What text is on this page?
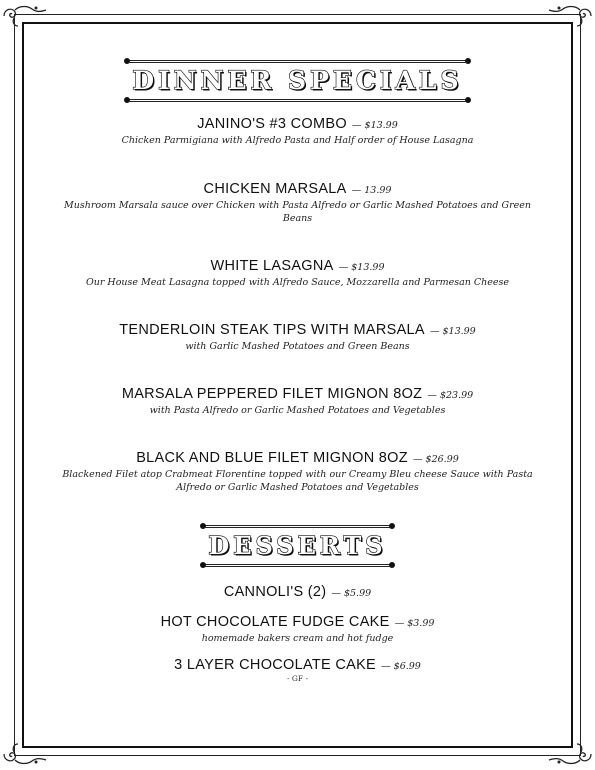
DINNER SPECIALS
JANINO'S #3 COMBO — $13.99
Chicken Parmigiana with Alfredo Pasta and Half order of House Lasagna
CHICKEN MARSALA — 13.99
Mushroom Marsala sauce over Chicken with Pasta Alfredo or Garlic Mashed Potatoes and Green Beans
WHITE LASAGNA — $13.99
Our House Meat Lasagna topped with Alfredo Sauce, Mozzarella and Parmesan Cheese
TENDERLOIN STEAK TIPS WITH MARSALA — $13.99
with Garlic Mashed Potatoes and Green Beans
MARSALA PEPPERED FILET MIGNON 8OZ — $23.99
with Pasta Alfredo or Garlic Mashed Potatoes and Vegetables
BLACK AND BLUE FILET MIGNON 8OZ — $26.99
Blackened Filet atop Crabmeat Florentine topped with our Creamy Bleu cheese Sauce with Pasta Alfredo or Garlic Mashed Potatoes and Vegetables
DESSERTS
CANNOLI'S (2) — $5.99
HOT CHOCOLATE FUDGE CAKE — $3.99
homemade bakers cream and hot fudge
3 LAYER CHOCOLATE CAKE — $6.99
- GF -
